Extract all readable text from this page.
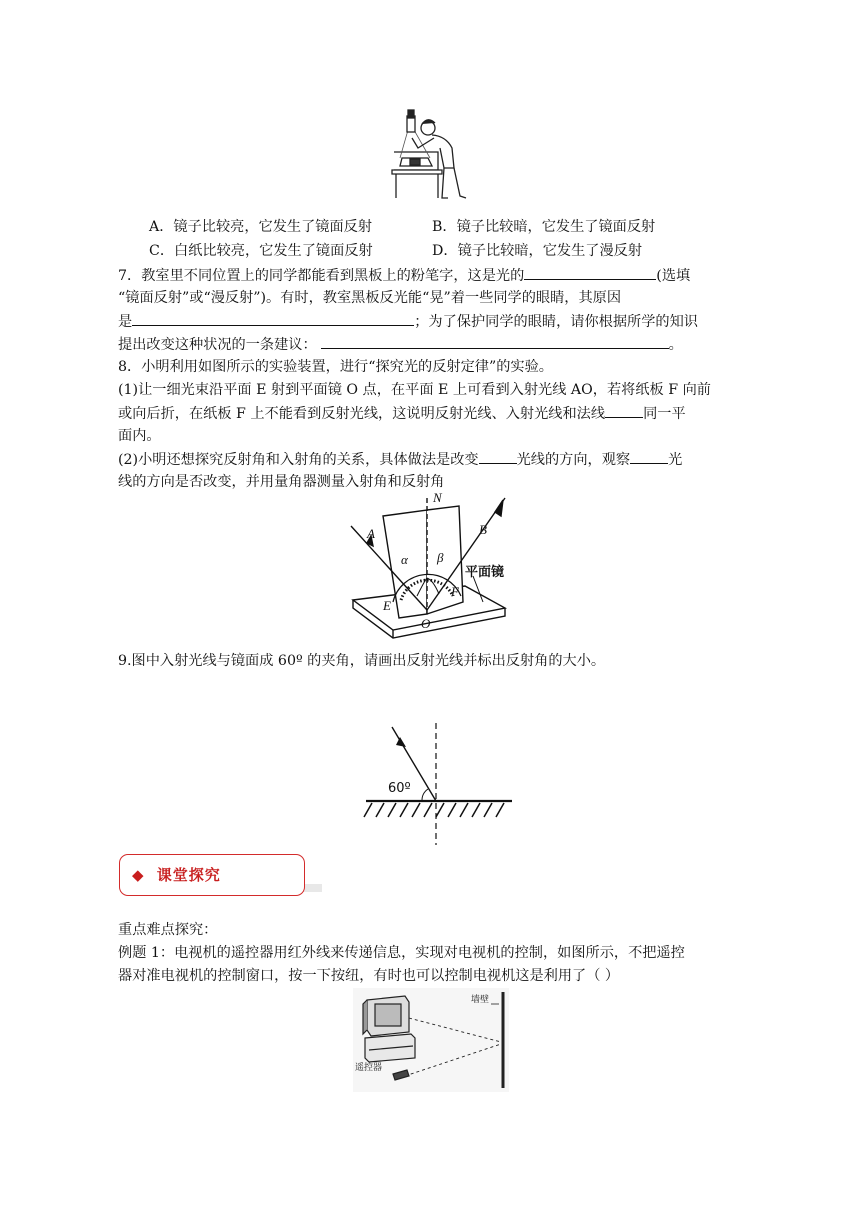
A．镜子比较亮，它发生了镜面反射	B．镜子比较暗，它发生了镜面反射
C．白纸比较亮，它发生了镜面反射	D．镜子比较暗，它发生了漫反射
7．教室里不同位置上的同学都能看到黑板上的粉笔字，这是光的	(选填
“镜面反射”或“漫反射”)。有时，教室黑板反光能“晃”着一些同学的眼睛，其原因
是	；为了保护同学的眼睛，请你根据所学的知识
提出改变这种状况的一条建议：	。
8．小明利用如图所示的实验装置，进行“探究光的反射定律”的实验。
(1)让一细光束沿平面 E 射到平面镜 O 点，在平面 E 上可看到入射光线 AO，若将纸板 F 向前
或向后折，在纸板 F 上不能看到反射光线，这说明反射光线、入射光线和法线	同一平
面内。
(2)小明还想探究反射角和入射角的关系，具体做法是改变	光线的方向，观察	光
线的方向是否改变，并用量角器测量入射角和反射角
N
A	B
α β
E
F
O
平面镜
9.图中入射光线与镜面成 60º 的夹角，请画出反射光线并标出反射角的大小。
60º
◆ 课堂探究
重点难点探究：
例题 1：电视机的遥控器用红外线来传递信息，实现对电视机的控制，如图所示，不把遥控
器对准电视机的控制窗口，按一下按纽，有时也可以控制电视机这是利用了（ ）
墙壁
遥控器
